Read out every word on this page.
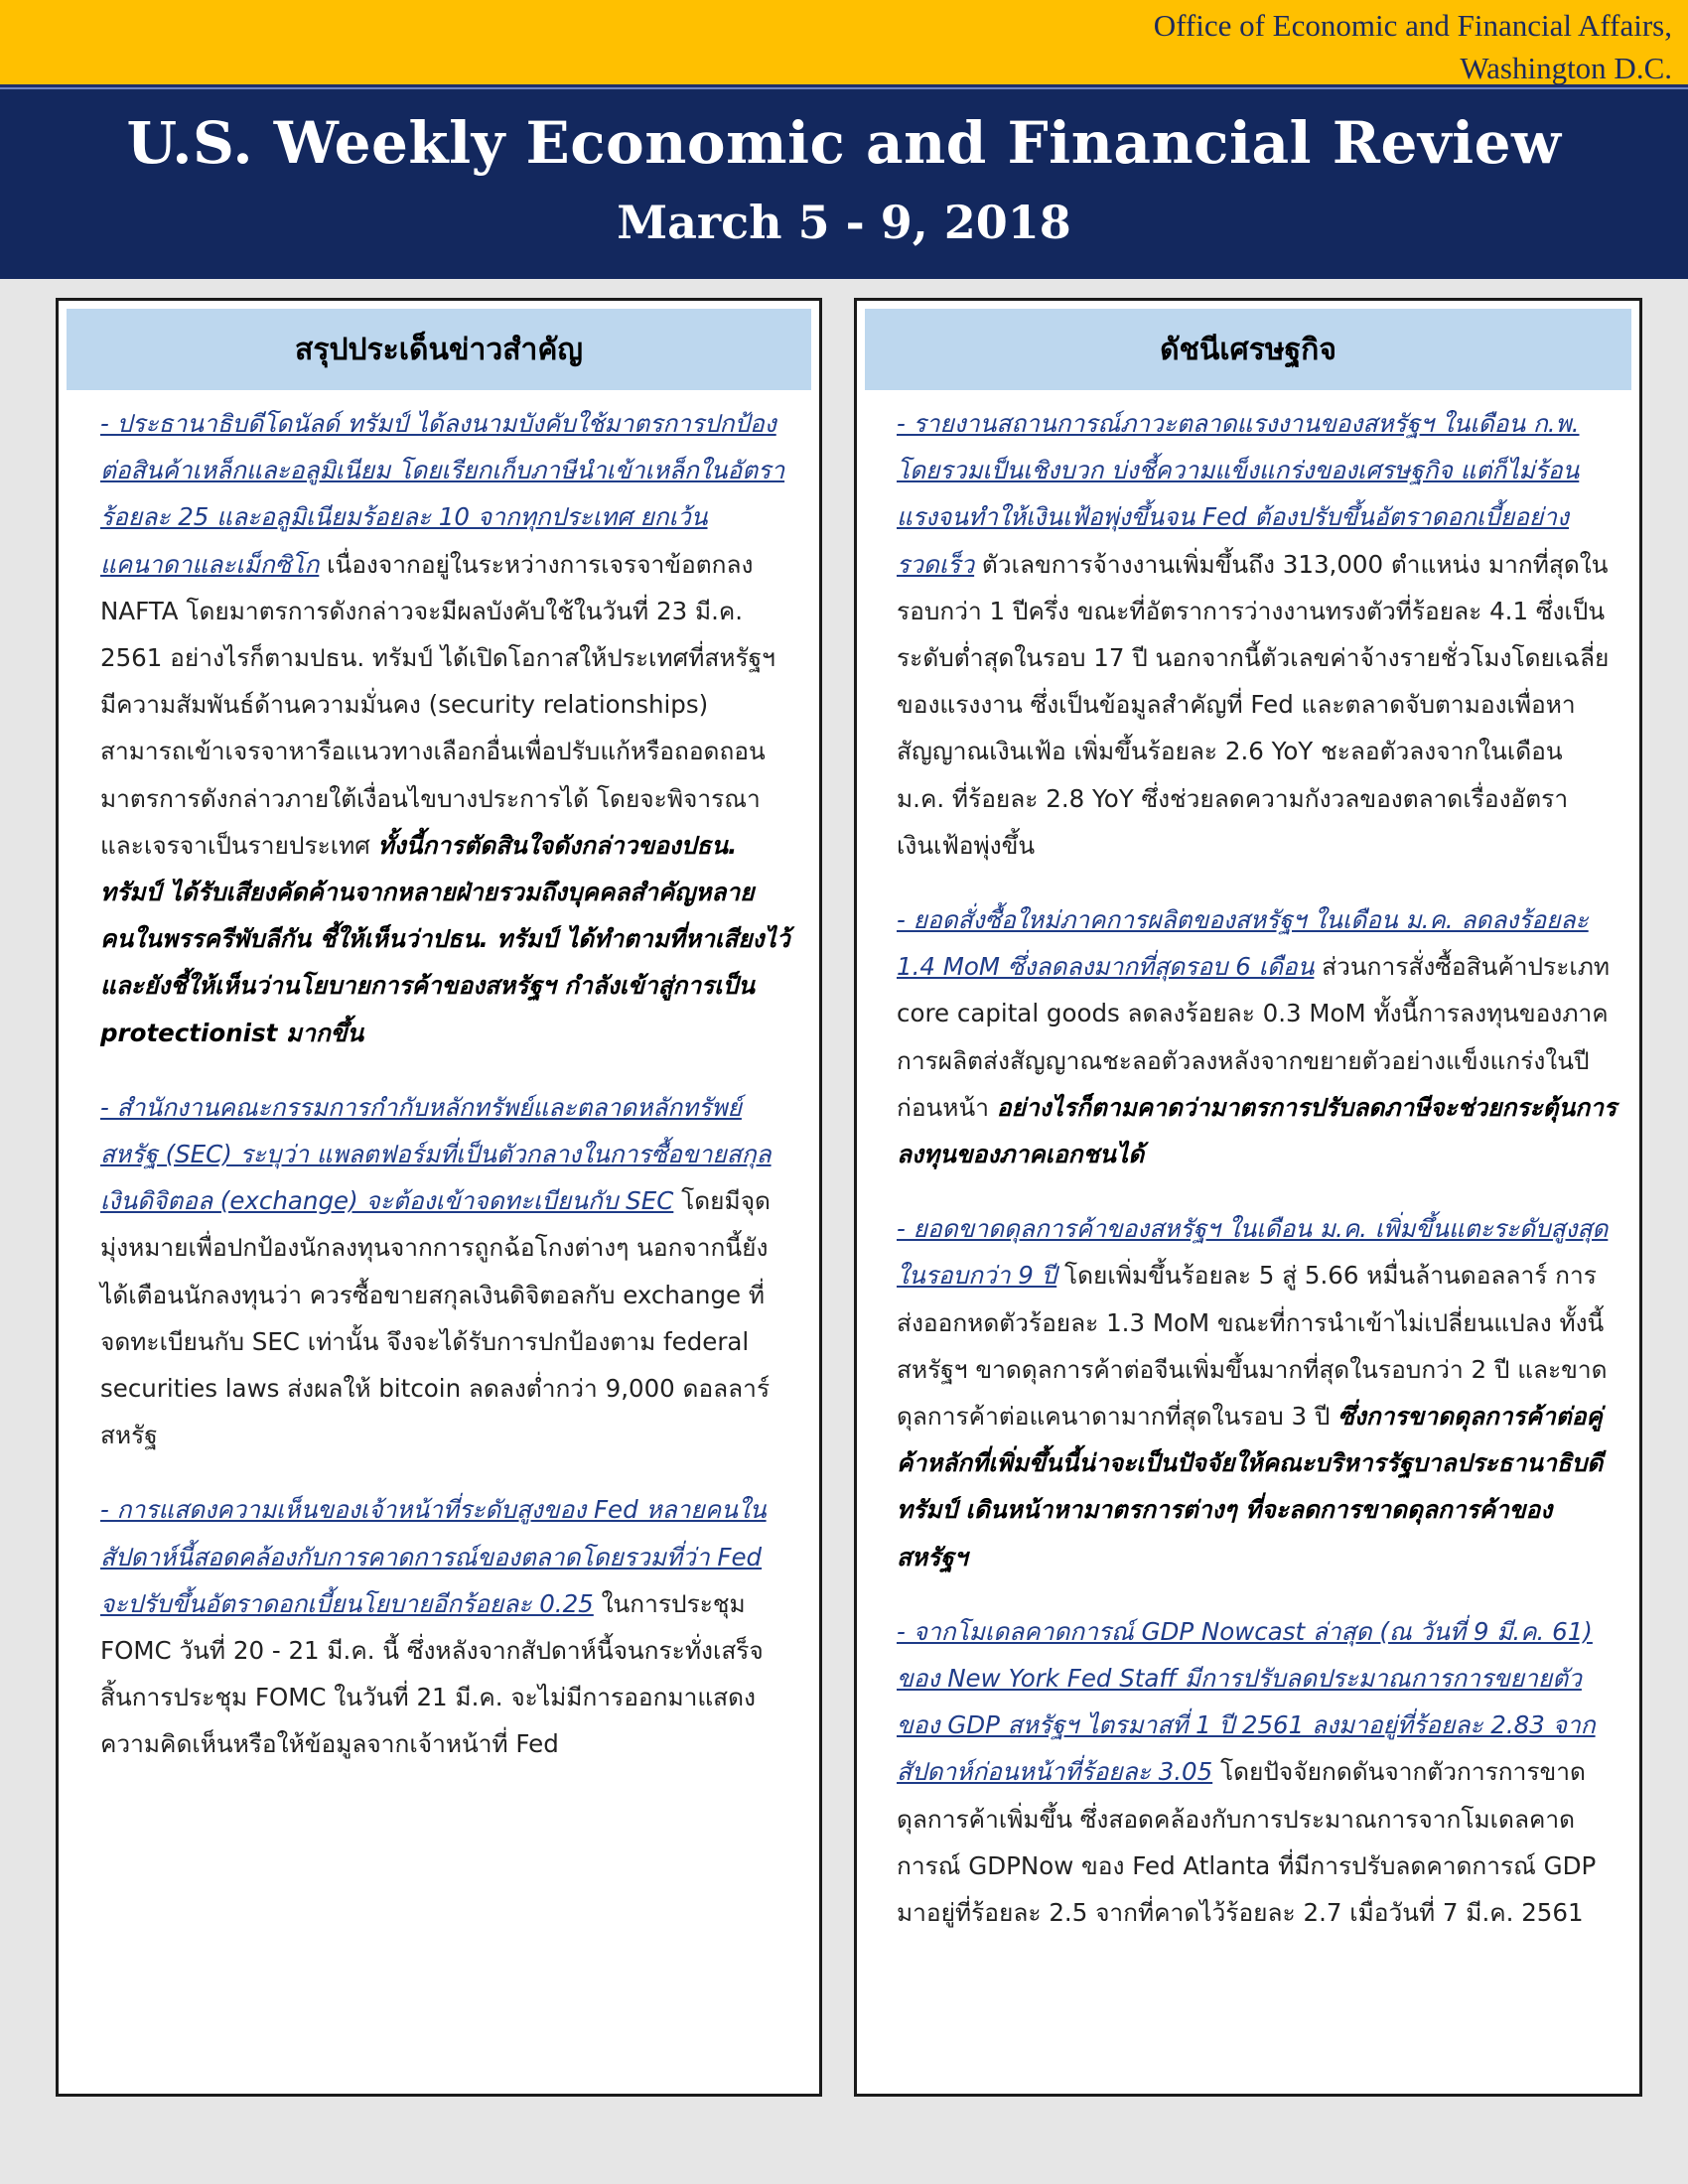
Office of Economic and Financial Affairs,
Washington D.C.
U.S. Weekly Economic and Financial Review
March 5 - 9, 2018
สรุปประเด็นข่าวสำคัญ
- ประธานาธิบดีโดนัลด์ ทรัมป์ ได้ลงนามบังคับใช้มาตรการปกป้องต่อสินค้าเหล็กและอลูมิเนียม โดยเรียกเก็บภาษีนำเข้าเหล็กในอัตราร้อยละ 25 และอลูมิเนียมร้อยละ 10 จากทุกประเทศ ยกเว้นแคนาดาและเม็กซิโก เนื่องจากอยู่ในระหว่างการเจรจาข้อตกลง NAFTA โดยมาตรการดังกล่าวจะมีผลบังคับใช้ในวันที่ 23 มี.ค. 2561 อย่างไรก็ตามปธน. ทรัมป์ ได้เปิดโอกาสให้ประเทศที่สหรัฐฯ มีความสัมพันธ์ด้านความมั่นคง (security relationships) สามารถเข้าเจรจาหารือแนวทางเลือกอื่นเพื่อปรับแก้หรือถอดถอนมาตรการดังกล่าวภายใต้เงื่อนไขบางประการได้ โดยจะพิจารณาและเจรจาเป็นรายประเทศ ทั้งนี้การตัดสินใจดังกล่าวของปธน. ทรัมป์ ได้รับเสียงคัดค้านจากหลายฝ่ายรวมถึงบุคคลสำคัญหลายคนในพรรครีพับลีกัน ชี้ให้เห็นว่าปธน. ทรัมป์ ได้ทำตามที่หาเสียงไว้ และยังชี้ให้เห็นว่านโยบายการค้าของสหรัฐฯ กำลังเข้าสู่การเป็น protectionist มากขึ้น
- สำนักงานคณะกรรมการกำกับหลักทรัพย์และตลาดหลักทรัพย์สหรัฐ (SEC) ระบุว่า แพลตฟอร์มที่เป็นตัวกลางในการซื้อขายสกุลเงินดิจิตอล (exchange) จะต้องเข้าจดทะเบียนกับ SEC โดยมีจุดมุ่งหมายเพื่อปกป้องนักลงทุนจากการถูกฉ้อโกงต่างๆ นอกจากนี้ยังได้เตือนนักลงทุนว่า ควรซื้อขายสกุลเงินดิจิตอลกับ exchange ที่จดทะเบียนกับ SEC เท่านั้น จึงจะได้รับการปกป้องตาม federal securities laws ส่งผลให้ bitcoin ลดลงต่ำกว่า 9,000 ดอลลาร์สหรัฐ
- การแสดงความเห็นของเจ้าหน้าที่ระดับสูงของ Fed หลายคนในสัปดาห์นี้สอดคล้องกับการคาดการณ์ของตลาดโดยรวมที่ว่า Fed จะปรับขึ้นอัตราดอกเบี้ยนโยบายอีกร้อยละ 0.25 ในการประชุม FOMC วันที่ 20 - 21 มี.ค. นี้ ซึ่งหลังจากสัปดาห์นี้จนกระทั่งเสร็จสิ้นการประชุม FOMC ในวันที่ 21 มี.ค. จะไม่มีการออกมาแสดงความคิดเห็นหรือให้ข้อมูลจากเจ้าหน้าที่ Fed
ดัชนีเศรษฐกิจ
- รายงานสถานการณ์ภาวะตลาดแรงงานของสหรัฐฯ ในเดือน ก.พ. โดยรวมเป็นเชิงบวก บ่งชี้ความแข็งแกร่งของเศรษฐกิจ แต่ก็ไม่ร้อนแรงจนทำให้เงินเฟ้อพุ่งขึ้นจน Fed ต้องปรับขึ้นอัตราดอกเบี้ยอย่างรวดเร็ว ตัวเลขการจ้างงานเพิ่มขึ้นถึง 313,000 ตำแหน่ง มากที่สุดในรอบกว่า 1 ปีครึ่ง ขณะที่อัตราการว่างงานทรงตัวที่ร้อยละ 4.1 ซึ่งเป็นระดับต่ำสุดในรอบ 17 ปี นอกจากนี้ตัวเลขค่าจ้างรายชั่วโมงโดยเฉลี่ยของแรงงาน ซึ่งเป็นข้อมูลสำคัญที่ Fed และตลาดจับตามองเพื่อหาสัญญาณเงินเฟ้อ เพิ่มขึ้นร้อยละ 2.6 YoY ชะลอตัวลงจากในเดือน ม.ค. ที่ร้อยละ 2.8 YoY ซึ่งช่วยลดความกังวลของตลาดเรื่องอัตราเงินเฟ้อพุ่งขึ้น
- ยอดสั่งซื้อใหม่ภาคการผลิตของสหรัฐฯ ในเดือน ม.ค. ลดลงร้อยละ 1.4 MoM ซึ่งลดลงมากที่สุดรอบ 6 เดือน ส่วนการสั่งซื้อสินค้าประเภท core capital goods ลดลงร้อยละ 0.3 MoM ทั้งนี้การลงทุนของภาคการผลิตส่งสัญญาณชะลอตัวลงหลังจากขยายตัวอย่างแข็งแกร่งในปีก่อนหน้า อย่างไรก็ตามคาดว่ามาตรการปรับลดภาษีจะช่วยกระตุ้นการลงทุนของภาคเอกชนได้
- ยอดขาดดุลการค้าของสหรัฐฯ ในเดือน ม.ค. เพิ่มขึ้นแตะระดับสูงสุดในรอบกว่า 9 ปี โดยเพิ่มขึ้นร้อยละ 5 สู่ 5.66 หมื่นล้านดอลลาร์ การส่งออกหดตัวร้อยละ 1.3 MoM ขณะที่การนำเข้าไม่เปลี่ยนแปลง ทั้งนี้ สหรัฐฯ ขาดดุลการค้าต่อจีนเพิ่มขึ้นมากที่สุดในรอบกว่า 2 ปี และขาดดุลการค้าต่อแคนาดามากที่สุดในรอบ 3 ปี ซึ่งการขาดดุลการค้าต่อคู่ค้าหลักที่เพิ่มขึ้นนี้น่าจะเป็นปัจจัยให้คณะบริหารรัฐบาลประธานาธิบดีทรัมป์ เดินหน้าหามาตรการต่างๆ ที่จะลดการขาดดุลการค้าของสหรัฐฯ
- จากโมเดลคาดการณ์ GDP Nowcast ล่าสุด (ณ วันที่ 9 มี.ค. 61) ของ New York Fed Staff มีการปรับลดประมาณการการขยายตัวของ GDP สหรัฐฯ ไตรมาสที่ 1 ปี 2561 ลงมาอยู่ที่ร้อยละ 2.83 จากสัปดาห์ก่อนหน้าที่ร้อยละ 3.05 โดยปัจจัยกดดันจากตัวการการขาดดุลการค้าเพิ่มขึ้น ซึ่งสอดคล้องกับการประมาณการจากโมเดลคาดการณ์ GDPNow ของ Fed Atlanta ที่มีการปรับลดคาดการณ์ GDP มาอยู่ที่ร้อยละ 2.5 จากที่คาดไว้ร้อยละ 2.7 เมื่อวันที่ 7 มี.ค. 2561
